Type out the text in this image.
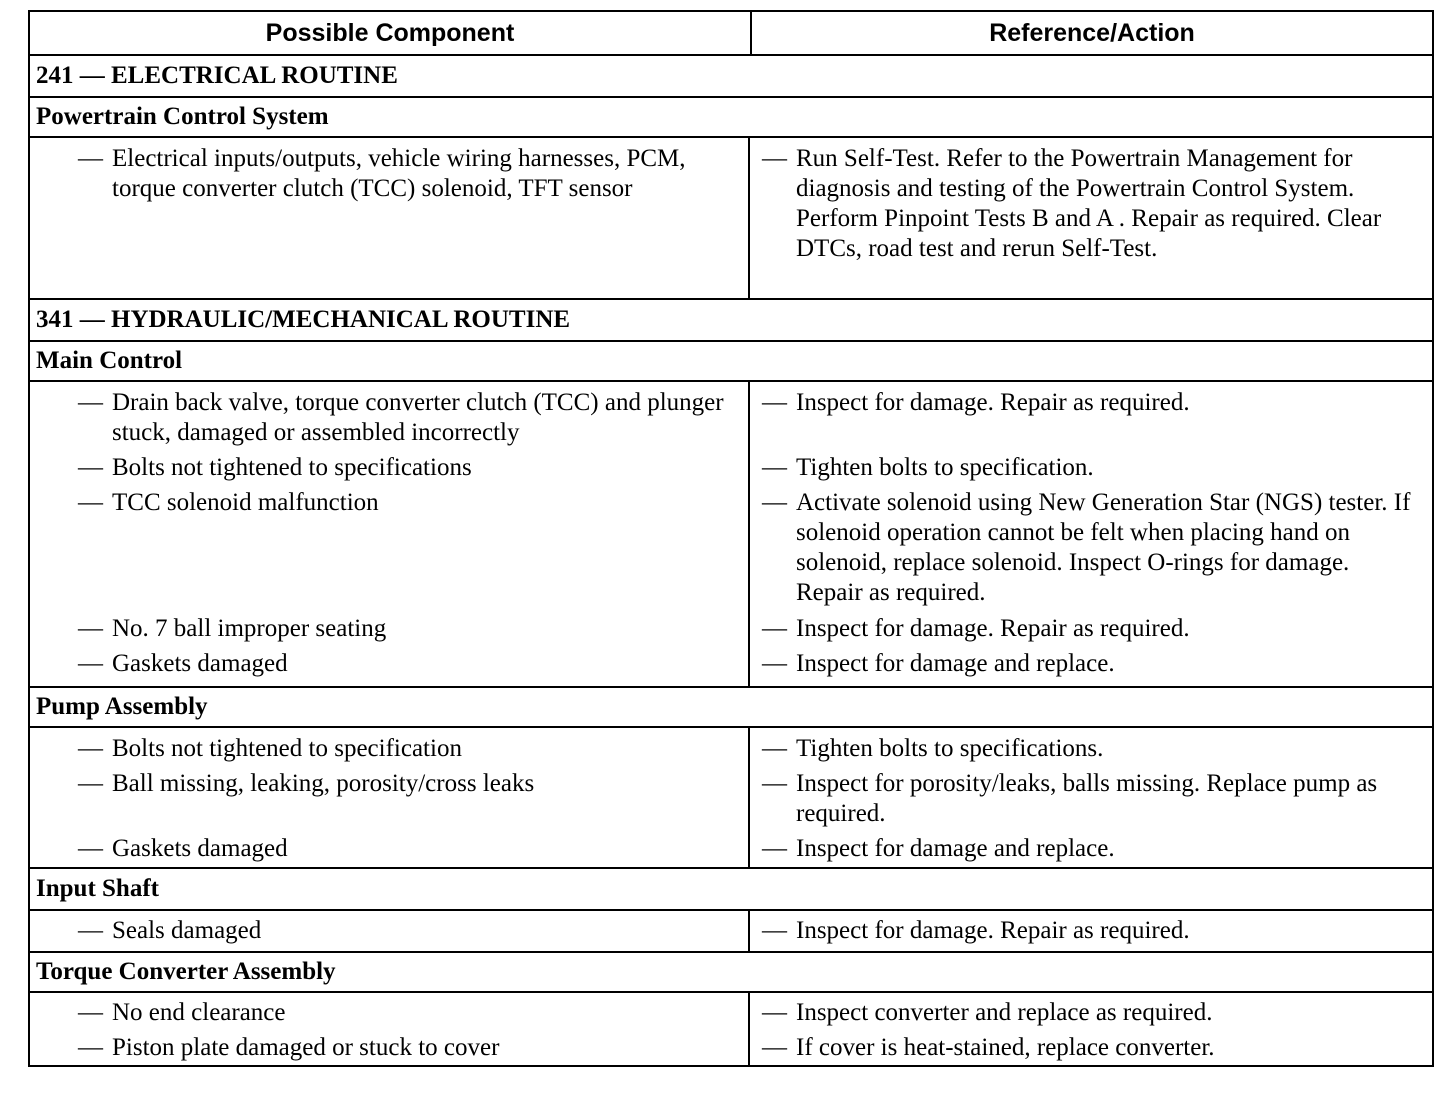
Possible Component	Reference/Action
241 — ELECTRICAL ROUTINE
Powertrain Control System
— Electrical inputs/outputs, vehicle wiring harnesses, PCM, torque converter clutch (TCC) solenoid, TFT sensor
— Run Self-Test. Refer to the Powertrain Management for diagnosis and testing of the Powertrain Control System. Perform Pinpoint Tests B and A . Repair as required. Clear DTCs, road test and rerun Self-Test.
341 — HYDRAULIC/MECHANICAL ROUTINE
Main Control
— Drain back valve, torque converter clutch (TCC) and plunger stuck, damaged or assembled incorrectly
— Bolts not tightened to specifications
— TCC solenoid malfunction
— No. 7 ball improper seating
— Gaskets damaged
— Inspect for damage. Repair as required.
— Tighten bolts to specification.
— Activate solenoid using New Generation Star (NGS) tester. If solenoid operation cannot be felt when placing hand on solenoid, replace solenoid. Inspect O-rings for damage. Repair as required.
— Inspect for damage. Repair as required.
— Inspect for damage and replace.
Pump Assembly
— Bolts not tightened to specification
— Ball missing, leaking, porosity/cross leaks
— Gaskets damaged
— Tighten bolts to specifications.
— Inspect for porosity/leaks, balls missing. Replace pump as required.
— Inspect for damage and replace.
Input Shaft
— Seals damaged	— Inspect for damage. Repair as required.
Torque Converter Assembly
— No end clearance
— Piston plate damaged or stuck to cover
— Inspect converter and replace as required.
— If cover is heat-stained, replace converter.
